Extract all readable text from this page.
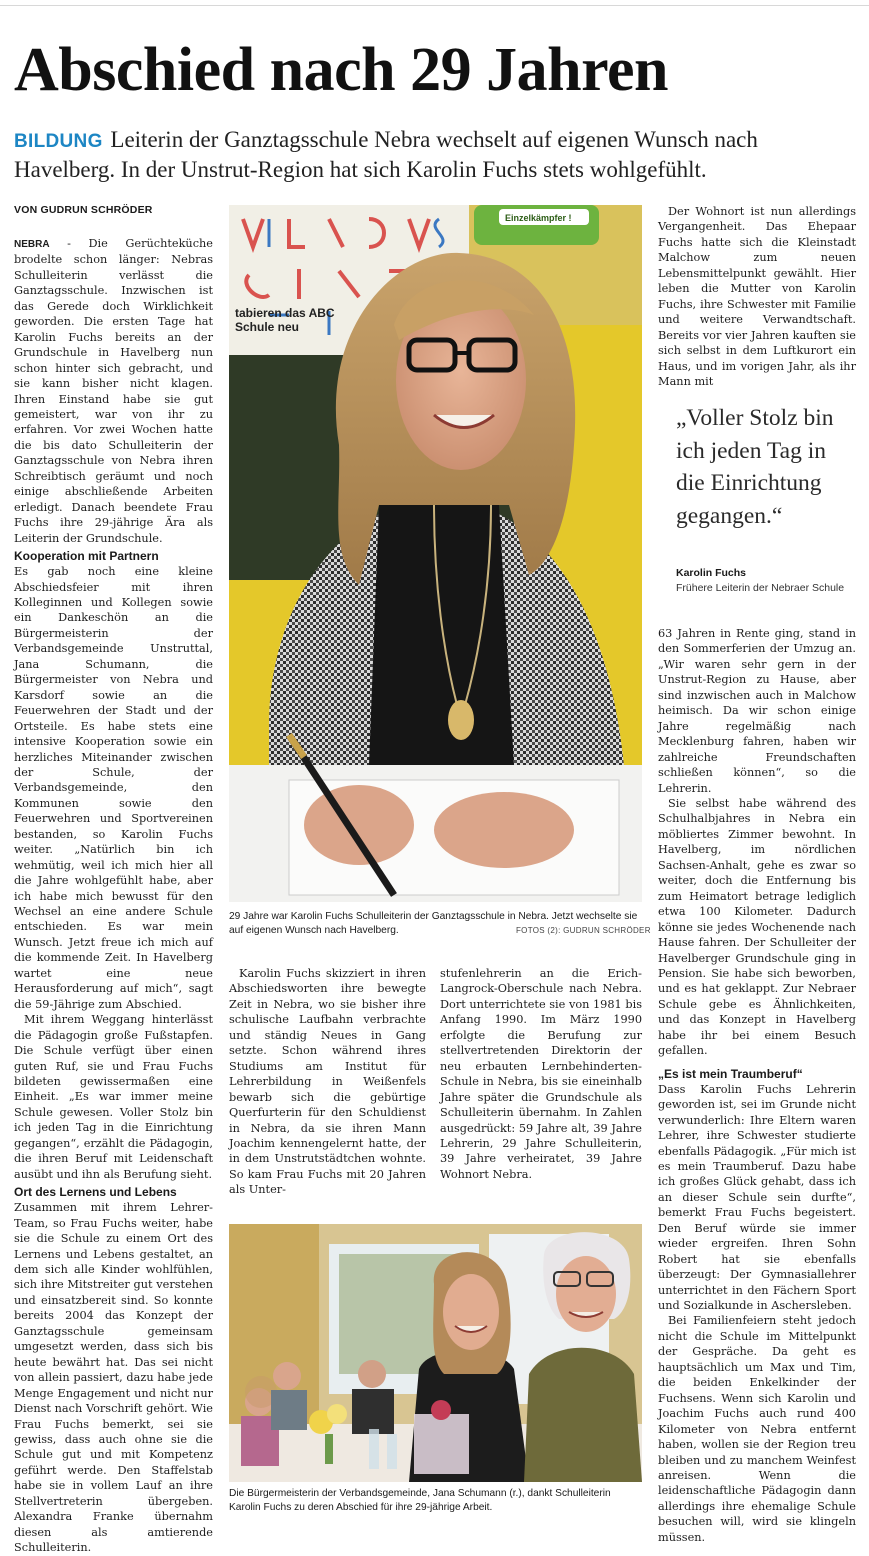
Abschied nach 29 Jahren
BILDUNG Leiterin der Ganztagsschule Nebra wechselt auf eigenen Wunsch nach Havelberg. In der Unstrut-Region hat sich Karolin Fuchs stets wohlgefühlt.
VON GUDRUN SCHRÖDER

NEBRA - Die Gerüchteküche brodelte schon länger: Nebras Schulleiterin verlässt die Ganztagsschule. Inzwischen ist das Gerede doch Wirklichkeit geworden. Die ersten Tage hat Karolin Fuchs bereits an der Grundschule in Havelberg nun schon hinter sich gebracht, und sie kann bisher nicht klagen. Ihren Einstand habe sie gut gemeistert, war von ihr zu erfahren. Vor zwei Wochen hatte die bis dato Schulleiterin der Ganztagsschule von Nebra ihren Schreibtisch geräumt und noch einige abschließende Arbeiten erledigt. Danach beendete Frau Fuchs ihre 29-jährige Ära als Leiterin der Grundschule.

Kooperation mit Partnern

Es gab noch eine kleine Abschiedsfeier mit ihren Kolleginnen und Kollegen sowie ein Dankeschön an die Bürgermeisterin der Verbandsgemeinde Unstruttal, Jana Schumann, die Bürgermeister von Nebra und Karsdorf sowie an die Feuerwehren der Stadt und der Ortsteile. Es habe stets eine intensive Kooperation sowie ein herzliches Miteinander zwischen der Schule, der Verbandsgemeinde, den Kommunen sowie den Feuerwehren und Sportvereinen bestanden, so Karolin Fuchs weiter. „Natürlich bin ich wehmütig, weil ich mich hier all die Jahre wohlgefühlt habe, aber ich habe mich bewusst für den Wechsel an eine andere Schule entschieden. Es war mein Wunsch. Jetzt freue ich mich auf die kommende Zeit. In Havelberg wartet eine neue Herausforderung auf mich“, sagt die 59-Jährige zum Abschied.

Mit ihrem Weggang hinterlässt die Pädagogin große Fußstapfen. Die Schule verfügt über einen guten Ruf, sie und Frau Fuchs bildeten gewissermaßen eine Einheit. „Es war immer meine Schule gewesen. Voller Stolz bin ich jeden Tag in die Einrichtung gegangen“, erzählt die Pädagogin, die ihren Beruf mit Leidenschaft ausübt und ihn als Berufung sieht.

Ort des Lernens und Lebens

Zusammen mit ihrem Lehrer-Team, so Frau Fuchs weiter, habe sie die Schule zu einem Ort des Lernens und Lebens gestaltet, an dem sich alle Kinder wohlfühlen, sich ihre Mitstreiter gut verstehen und einsatzbereit sind. So konnte bereits 2004 das Konzept der Ganztagsschule gemeinsam umgesetzt werden, dass sich bis heute bewährt hat. Das sei nicht von allein passiert, dazu habe jede Menge Engagement und nicht nur Dienst nach Vorschrift gehört. Wie Frau Fuchs bemerkt, sei sie gewiss, dass auch ohne sie die Schule gut und mit Kompetenz geführt werde. Den Staffelstab habe sie in vollem Lauf an ihre Stellvertreterin übergeben. Alexandra Franke übernahm diesen als amtierende Schulleiterin.

tabieren das ABC
Schule neu
Einzelkämpfer !
29 Jahre war Karolin Fuchs Schulleiterin der Ganztagsschule in Nebra. Jetzt wechselte sie auf eigenen Wunsch nach Havelberg.	FOTOS (2): GUDRUN SCHRÖDER

Karolin Fuchs skizziert in ihren Abschiedsworten ihre bewegte Zeit in Nebra, wo sie bisher ihre schulische Laufbahn verbrachte und ständig Neues in Gang setzte. Schon während ihres Studiums am Institut für Lehrerbildung in Weißenfels bewarb sich die gebürtige Querfurterin für den Schuldienst in Nebra, da sie ihren Mann Joachim kennengelernt hatte, der in dem Unstrutstädtchen wohnte. So kam Frau Fuchs mit 20 Jahren als Unter-

stufenlehrerin an die Erich-Langrock-Oberschule nach Nebra. Dort unterrichtete sie von 1981 bis Anfang 1990. Im März 1990 erfolgte die Berufung zur stellvertretenden Direktorin der neu erbauten Lernbehinderten-Schule in Nebra, bis sie eineinhalb Jahre später die Grundschule als Schulleiterin übernahm. In Zahlen ausgedrückt: 59 Jahre alt, 39 Jahre Lehrerin, 29 Jahre Schulleiterin, 39 Jahre verheiratet, 39 Jahre Wohnort Nebra.

Die Bürgermeisterin der Verbandsgemeinde, Jana Schumann (r.), dankt Schulleiterin Karolin Fuchs zu deren Abschied für ihre 29-jährige Arbeit.

Der Wohnort ist nun allerdings Vergangenheit. Das Ehepaar Fuchs hatte sich die Kleinstadt Malchow zum neuen Lebensmittelpunkt gewählt. Hier leben die Mutter von Karolin Fuchs, ihre Schwester mit Familie und weitere Verwandtschaft. Bereits vor vier Jahren kauften sie sich selbst in dem Luftkurort ein Haus, und im vorigen Jahr, als ihr Mann mit

„Voller Stolz bin ich jeden Tag in die Einrichtung gegangen.“
Karolin Fuchs
Frühere Leiterin der Nebraer Schule

63 Jahren in Rente ging, stand in den Sommerferien der Umzug an. „Wir waren sehr gern in der Unstrut-Region zu Hause, aber sind inzwischen auch in Malchow heimisch. Da wir schon einige Jahre regelmäßig nach Mecklenburg fahren, haben wir zahlreiche Freundschaften schließen können“, so die Lehrerin.

Sie selbst habe während des Schulhalbjahres in Nebra ein möbliertes Zimmer bewohnt. In Havelberg, im nördlichen Sachsen-Anhalt, gehe es zwar so weiter, doch die Entfernung bis zum Heimatort betrage lediglich etwa 100 Kilometer. Dadurch könne sie jedes Wochenende nach Hause fahren. Der Schulleiter der Havelberger Grundschule ging in Pension. Sie habe sich beworben, und es hat geklappt. Zur Nebraer Schule gebe es Ähnlichkeiten, und das Konzept in Havelberg habe ihr bei einem Besuch gefallen.

„Es ist mein Traumberuf“

Dass Karolin Fuchs Lehrerin geworden ist, sei im Grunde nicht verwunderlich: Ihre Eltern waren Lehrer, ihre Schwester studierte ebenfalls Pädagogik. „Für mich ist es mein Traumberuf. Dazu habe ich großes Glück gehabt, dass ich an dieser Schule sein durfte“, bemerkt Frau Fuchs begeistert. Den Beruf würde sie immer wieder ergreifen. Ihren Sohn Robert hat sie ebenfalls überzeugt: Der Gymnasiallehrer unterrichtet in den Fächern Sport und Sozialkunde in Aschersleben.

Bei Familienfeiern steht jedoch nicht die Schule im Mittelpunkt der Gespräche. Da geht es hauptsächlich um Max und Tim, die beiden Enkelkinder der Fuchsens. Wenn sich Karolin und Joachim Fuchs auch rund 400 Kilometer von Nebra entfernt haben, wollen sie der Region treu bleiben und zu manchem Weinfest anreisen. Wenn die leidenschaftliche Pädagogin dann allerdings ihre ehemalige Schule besuchen will, wird sie klingeln müssen.
